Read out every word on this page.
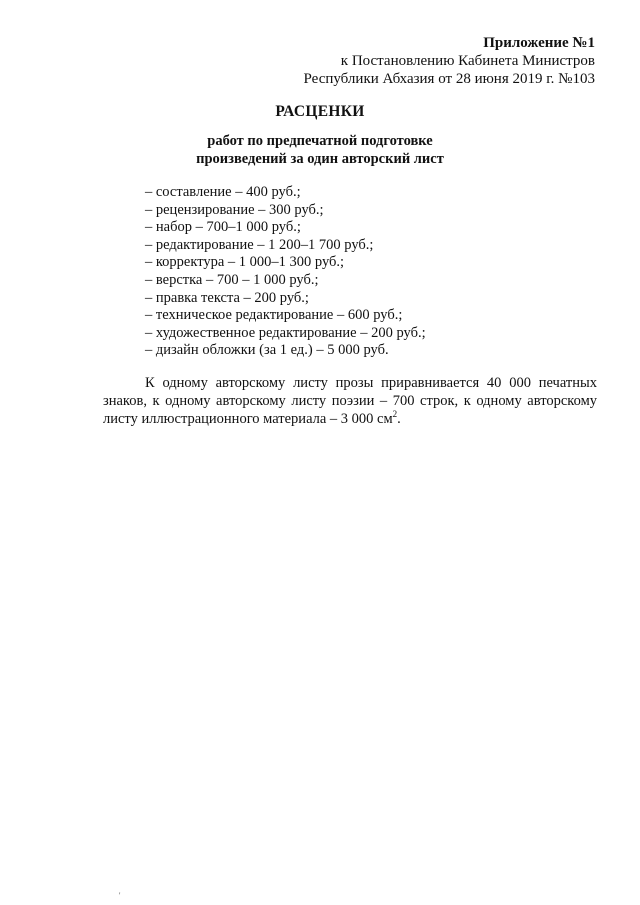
Приложение №1
к Постановлению Кабинета Министров
Республики Абхазия от 28 июня 2019 г. №103
РАСЦЕНКИ
работ по предпечатной подготовке
произведений за один авторский лист
– составление – 400 руб.;
– рецензирование – 300 руб.;
– набор – 700–1 000 руб.;
– редактирование – 1 200–1 700 руб.;
– корректура – 1 000–1 300 руб.;
– верстка – 700 – 1 000 руб.;
– правка текста – 200 руб.;
– техническое редактирование – 600 руб.;
– художественное редактирование – 200 руб.;
– дизайн обложки (за 1 ед.) – 5 000 руб.

К одному авторскому листу прозы приравнивается 40 000 печатных знаков, к одному авторскому листу поэзии – 700 строк, к одному авторскому листу иллюстрационного материала – 3 000 $см^2$.

'
